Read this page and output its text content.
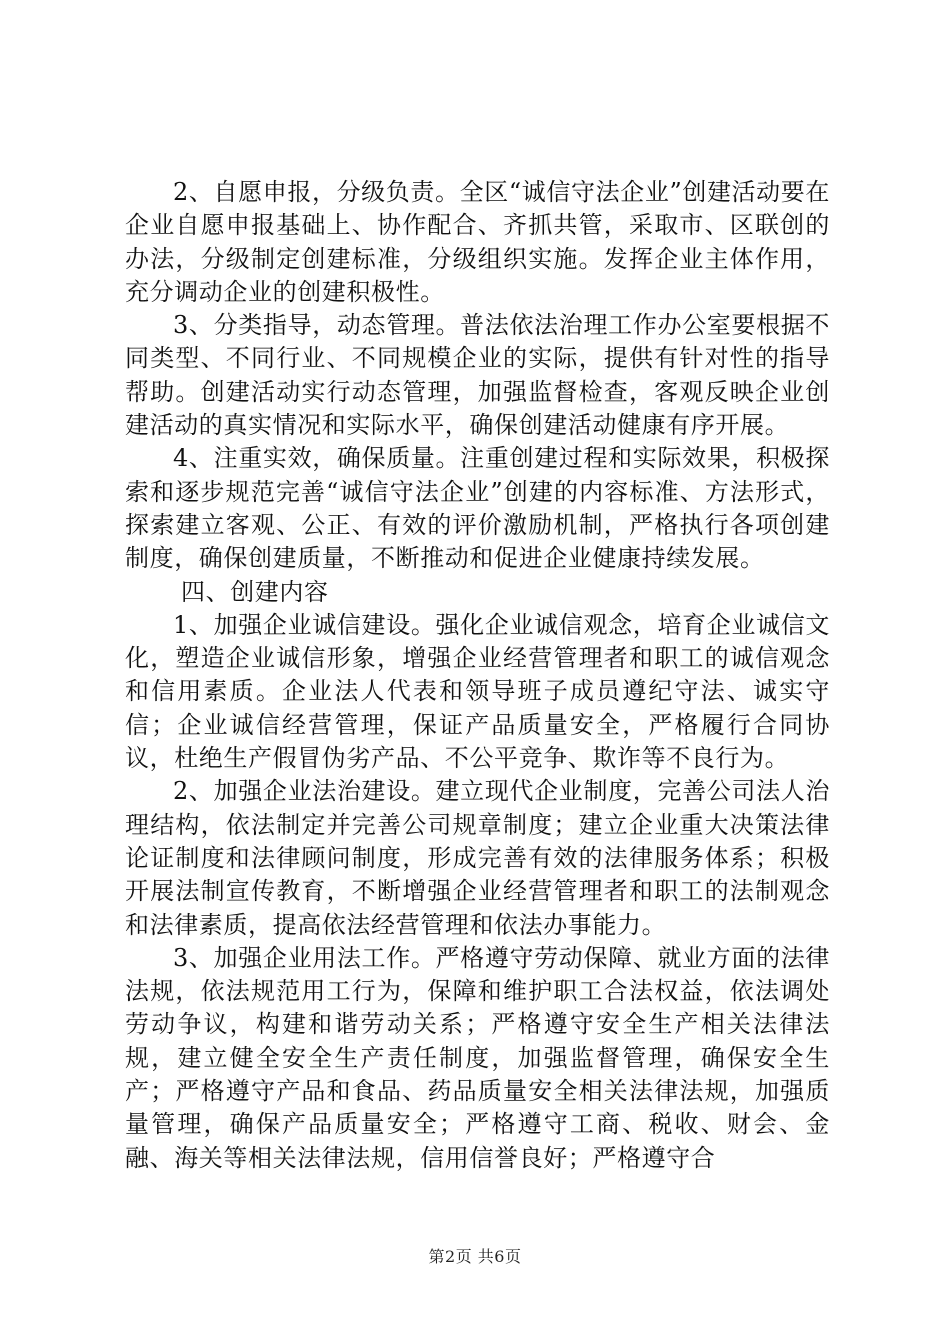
2、自愿申报，分级负责。全区“诚信守法企业”创建活动要在企业自愿申报基础上、协作配合、齐抓共管，采取市、区联创的办法，分级制定创建标准，分级组织实施。发挥企业主体作用，充分调动企业的创建积极性。

3、分类指导，动态管理。普法依法治理工作办公室要根据不同类型、不同行业、不同规模企业的实际，提供有针对性的指导帮助。创建活动实行动态管理，加强监督检查，客观反映企业创建活动的真实情况和实际水平，确保创建活动健康有序开展。

4、注重实效，确保质量。注重创建过程和实际效果，积极探索和逐步规范完善“诚信守法企业”创建的内容标准、方法形式，探索建立客观、公正、有效的评价激励机制，严格执行各项创建制度，确保创建质量，不断推动和促进企业健康持续发展。

四、创建内容

1、加强企业诚信建设。强化企业诚信观念，培育企业诚信文化，塑造企业诚信形象，增强企业经营管理者和职工的诚信观念和信用素质。企业法人代表和领导班子成员遵纪守法、诚实守信；企业诚信经营管理，保证产品质量安全，严格履行合同协议，杜绝生产假冒伪劣产品、不公平竞争、欺诈等不良行为。

2、加强企业法治建设。建立现代企业制度，完善公司法人治理结构，依法制定并完善公司规章制度；建立企业重大决策法律论证制度和法律顾问制度，形成完善有效的法律服务体系；积极开展法制宣传教育，不断增强企业经营管理者和职工的法制观念和法律素质，提高依法经营管理和依法办事能力。

3、加强企业用法工作。严格遵守劳动保障、就业方面的法律法规，依法规范用工行为，保障和维护职工合法权益，依法调处劳动争议，构建和谐劳动关系；严格遵守安全生产相关法律法规，建立健全安全生产责任制度，加强监督管理，确保安全生产；严格遵守产品和食品、药品质量安全相关法律法规，加强质量管理，确保产品质量安全；严格遵守工商、税收、财会、金融、海关等相关法律法规，信用信誉良好；严格遵守合

第2页 共6页
